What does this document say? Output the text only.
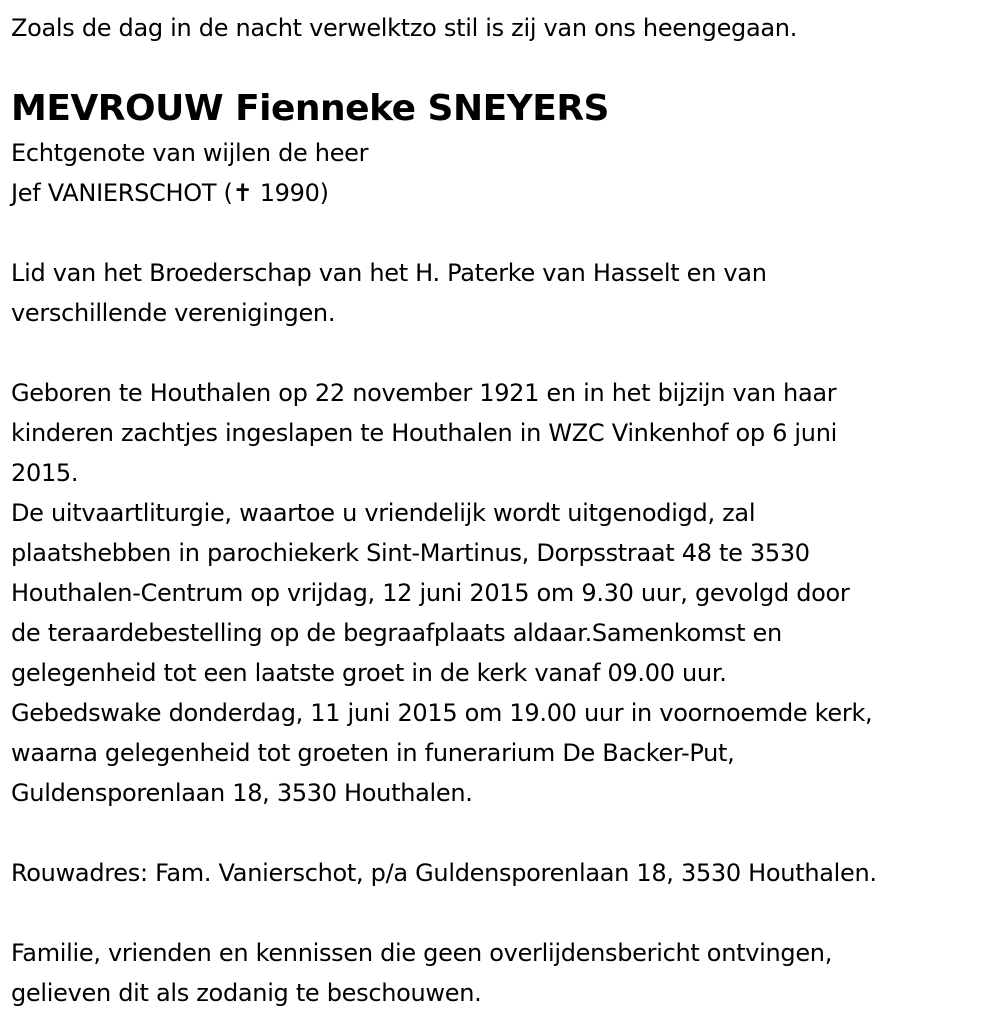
Zoals de dag in de nacht verwelktzo stil is zij van ons heengegaan.
MEVROUW Fienneke SNEYERS
Echtgenote van wijlen de heer
Jef VANIERSCHOT (✝ 1990)
Lid van het Broederschap van het H. Paterke van Hasselt en van
verschillende verenigingen.
Geboren te Houthalen op 22 november 1921 en in het bijzijn van haar
kinderen zachtjes ingeslapen te Houthalen in WZC Vinkenhof op 6 juni
2015.
De uitvaartliturgie, waartoe u vriendelijk wordt uitgenodigd, zal
plaatshebben in parochiekerk Sint-Martinus, Dorpsstraat 48 te 3530
Houthalen-Centrum op vrijdag, 12 juni 2015 om 9.30 uur, gevolgd door
de teraardebestelling op de begraafplaats aldaar.Samenkomst en
gelegenheid tot een laatste groet in de kerk vanaf 09.00 uur.
Gebedswake donderdag, 11 juni 2015 om 19.00 uur in voornoemde kerk,
waarna gelegenheid tot groeten in funerarium De Backer-Put,
Guldensporenlaan 18, 3530 Houthalen.
Rouwadres: Fam. Vanierschot, p/a Guldensporenlaan 18, 3530 Houthalen.
Familie, vrienden en kennissen die geen overlijdensbericht ontvingen,
gelieven dit als zodanig te beschouwen.
